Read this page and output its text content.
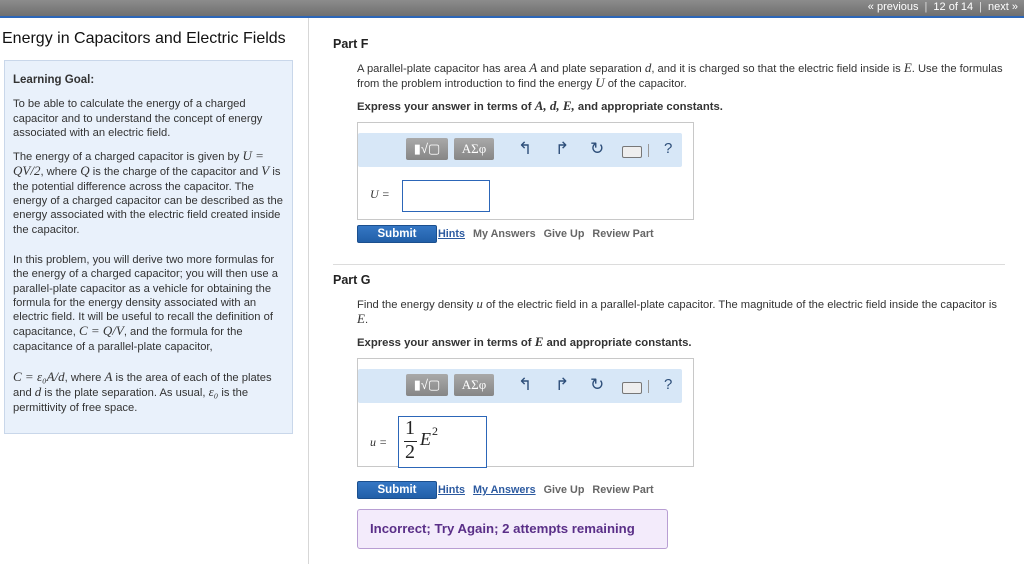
« previous | 12 of 14 | next »
Energy in Capacitors and Electric Fields
Learning Goal:

To be able to calculate the energy of a charged capacitor and to understand the concept of energy associated with an electric field.

The energy of a charged capacitor is given by U = QV/2, where Q is the charge of the capacitor and V is the potential difference across the capacitor. The energy of a charged capacitor can be described as the energy associated with the electric field created inside the capacitor.

In this problem, you will derive two more formulas for the energy of a charged capacitor; you will then use a parallel-plate capacitor as a vehicle for obtaining the formula for the energy density associated with an electric field. It will be useful to recall the definition of capacitance, C = Q/V, and the formula for the capacitance of a parallel-plate capacitor,

C = ε₀A/d, where A is the area of each of the plates and d is the plate separation. As usual, ε₀ is the permittivity of free space.

Part F
A parallel-plate capacitor has area A and plate separation d, and it is charged so that the electric field inside is E. Use the formulas from the problem introduction to find the energy U of the capacitor.
Express your answer in terms of A, d, E, and appropriate constants.
▮√▢	ΑΣφ	↰ ↱ ↻	?
U =
Submit	Hints My Answers Give Up Review Part
Part G
Find the energy density u of the electric field in a parallel-plate capacitor. The magnitude of the electric field inside the capacitor is E.
Express your answer in terms of E and appropriate constants.
▮√▢	ΑΣφ	↰ ↱ ↻	?
u =
1
2
E 2
Submit	Hints My Answers Give Up Review Part
Incorrect; Try Again; 2 attempts remaining
